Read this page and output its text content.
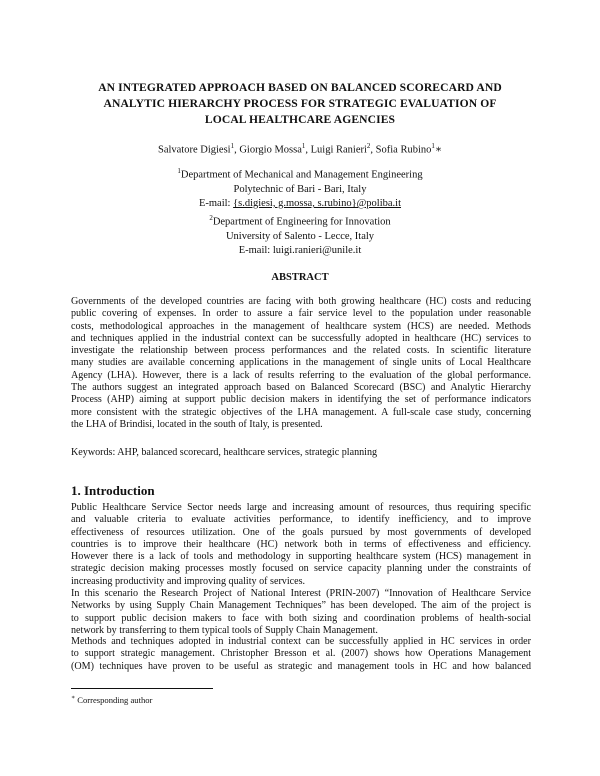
AN INTEGRATED APPROACH BASED ON BALANCED SCORECARD AND
ANALYTIC HIERARCHY PROCESS FOR STRATEGIC EVALUATION OF
LOCAL HEALTHCARE AGENCIES
Salvatore Digiesi$^1$, Giorgio Mossa$^1$, Luigi Ranieri$^2$, Sofia Rubino$^1$∗
$^1$Department of Mechanical and Management Engineering
Polytechnic of Bari - Bari, Italy
E-mail: {s.digiesi, g.mossa, s.rubino}@poliba.it
$^2$Department of Engineering for Innovation
University of Salento - Lecce, Italy
E-mail: luigi.ranieri@unile.it
ABSTRACT
Governments of the developed countries are facing with both growing healthcare (HC) costs and reducing
public covering of expenses. In order to assure a fair service level to the population under reasonable
costs, methodological approaches in the management of healthcare system (HCS) are needed. Methods
and techniques applied in the industrial context can be successfully adopted in healthcare (HC) services to
investigate the relationship between process performances and the related costs. In scientific literature
many studies are available concerning applications in the management of single units of Local Healthcare
Agency (LHA). However, there is a lack of results referring to the evaluation of the global performance.
The authors suggest an integrated approach based on Balanced Scorecard (BSC) and Analytic Hierarchy
Process (AHP) aiming at support public decision makers in identifying the set of performance indicators
more consistent with the strategic objectives of the LHA management. A full-scale case study, concerning
the LHA of Brindisi, located in the south of Italy, is presented.
Keywords: AHP, balanced scorecard, healthcare services, strategic planning
1. Introduction
Public Healthcare Service Sector needs large and increasing amount of resources, thus requiring specific
and valuable criteria to evaluate activities performance, to identify inefficiency, and to improve
effectiveness of resources utilization. One of the goals pursued by most governments of developed
countries is to improve their healthcare (HC) network both in terms of effectiveness and efficiency.
However there is a lack of tools and methodology in supporting healthcare system (HCS) management in
strategic decision making processes mostly focused on service capacity planning under the constraints of
increasing productivity and improving quality of services.
In this scenario the Research Project of National Interest (PRIN-2007) “Innovation of Healthcare Service
Networks by using Supply Chain Management Techniques” has been developed. The aim of the project is
to support public decision makers to face with both sizing and coordination problems of health-social
network by transferring to them typical tools of Supply Chain Management.
Methods and techniques adopted in industrial context can be successfully applied in HC services in order
to support strategic management. Christopher Bresson et al. (2007) shows how Operations Management
(OM) techniques have proven to be useful as strategic and management tools in HC and how balanced
∗ Corresponding author
